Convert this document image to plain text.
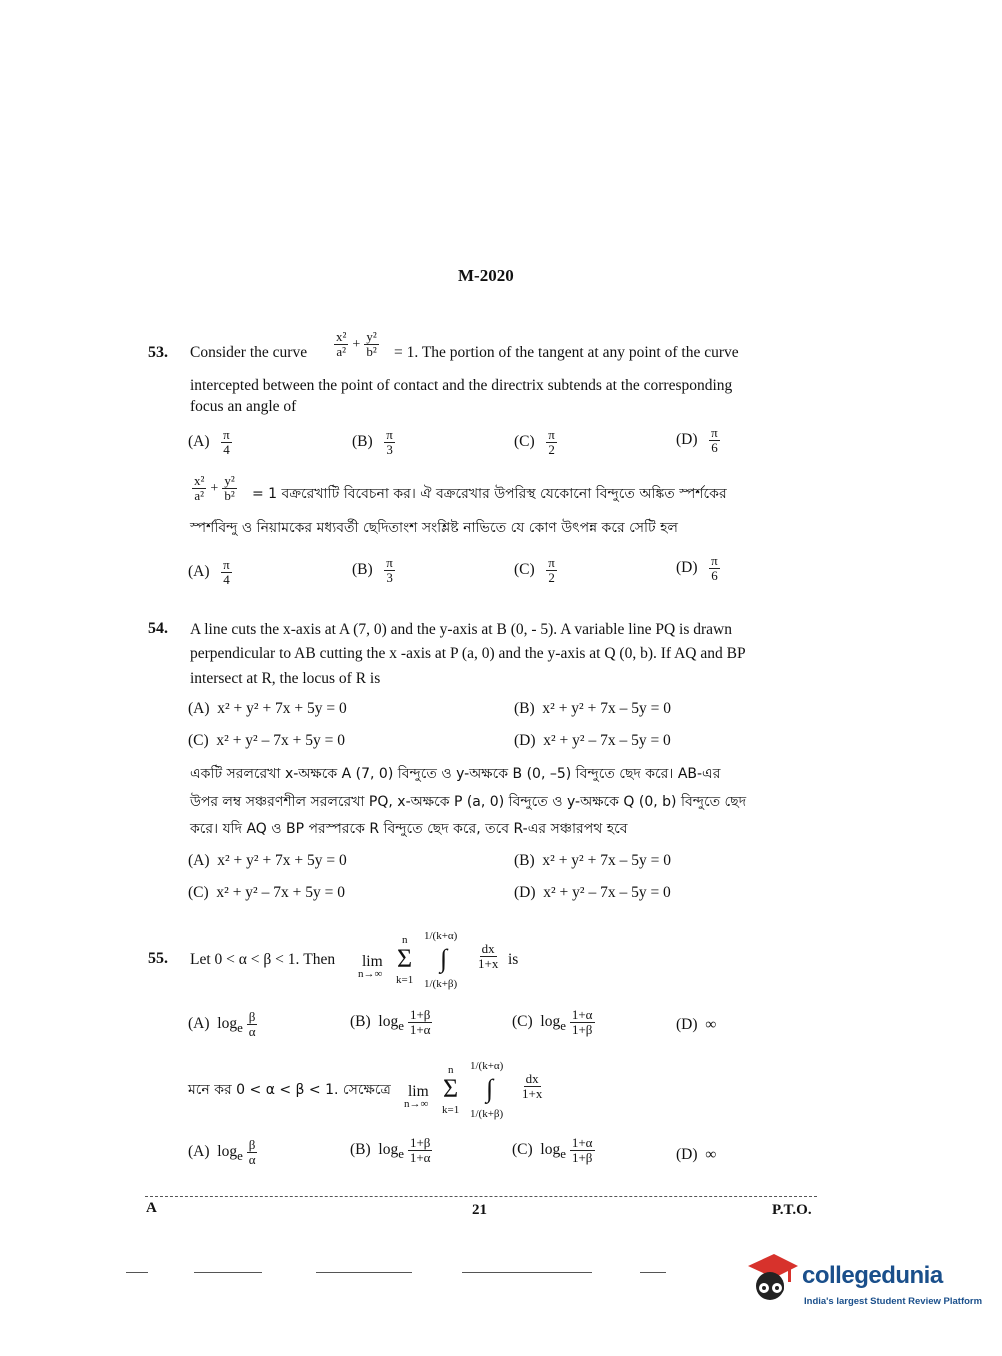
M-2020
53. Consider the curve $\frac{\text{x²}}{\text{a²}} + \frac{\text{y²}}{\text{b²}} = 1$. The portion of the tangent at any point of the curve
intercepted between the point of contact and the directrix subtends at the corresponding
focus an angle of
$(A) \frac{\pi}{4}$	$(B) \frac{\pi}{3}$	$(C) \frac{\pi}{2}$	$(D) \frac{\pi}{6}$
$\frac{\text{x²}}{\text{a²}} + \frac{\text{y²}}{\text{b²}} = 1$ বক্ররেখাটি বিবেচনা কর। ঐ বক্ররেখার উপরিস্থ যেকোনো বিন্দুতে অঙ্কিত স্পর্শকের
স্পর্শবিন্দু ও নিয়ামকের মধ্যবর্তী ছেদিতাংশ সংশ্লিষ্ট নাভিতে যে কোণ উৎপন্ন করে সেটি হল
$(A) \frac{\pi}{4}$	$(B) \frac{\pi}{3}$	$(C) \frac{\pi}{2}$	$(D) \frac{\pi}{6}$
54. A line cuts the x-axis at A (7, 0) and the y-axis at B (0, - 5). A variable line PQ is drawn
perpendicular to AB cutting the x -axis at P (a, 0) and the y-axis at Q (0, b). If AQ and BP
intersect at R, the locus of R is
(A) x² + y² + 7x + 5y = 0	(B) x² + y² + 7x – 5y = 0
(C) x² + y² – 7x + 5y = 0	(D) x² + y² – 7x – 5y = 0
একটি সরলরেখা x-অক্ষকে A (7, 0) বিন্দুতে ও y-অক্ষকে B (0, –5) বিন্দুতে ছেদ করে। AB-এর
উপর লম্ব সঞ্চরণশীল সরলরেখা PQ, x-অক্ষকে P (a, 0) বিন্দুতে ও y-অক্ষকে Q (0, b) বিন্দুতে ছেদ
করে। যদি AQ ও BP পরস্পরকে R বিন্দুতে ছেদ করে, তবে R-এর সঞ্চারপথ হবে
(A) x² + y² + 7x + 5y = 0	(B) x² + y² + 7x – 5y = 0
(C) x² + y² – 7x + 5y = 0	(D) x² + y² – 7x – 5y = 0
55. Let 0 < α < β < 1. Then lim
n→∞
n
Σ
k=1
1/(k+α)
∫
1/(k+β)
$\frac{dx}{1+x}$ is
(A) $\log_e \frac{\beta}{\alpha}$	(B) $\log_e \frac{1+\beta}{1+\alpha}$	(C) $\log_e \frac{1+\alpha}{1+\beta}$	(D) ∞
মনে কর 0 < α < β < 1. সেক্ষেত্রে lim
n→∞
n
Σ
k=1
1/(k+α)
∫
1/(k+β)
$\frac{dx}{1+x}$
(A) $\log_e \frac{\beta}{\alpha}$	(B) $\log_e \frac{1+\beta}{1+\alpha}$	(C) $\log_e \frac{1+\alpha}{1+\beta}$	(D) ∞
A	21	P.T.O.
collegedunia
India's largest Student Review Platform
